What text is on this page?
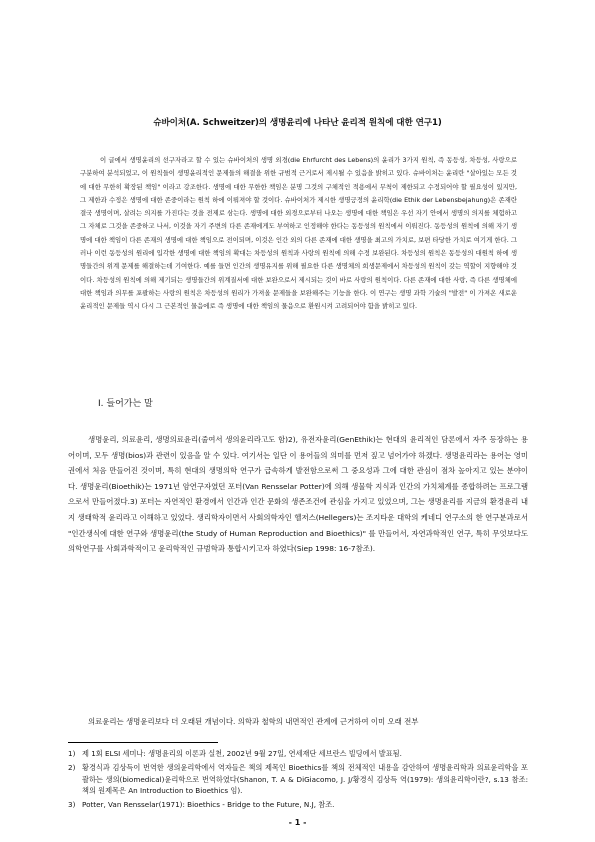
슈바이처(A. Schweitzer)의 생명윤리에 나타난 윤리적 원칙에 대한 연구1)

이 글에서 생명윤리의 선구자라고 할 수 있는 슈바이처의 생명 외경(die Ehrfurcht des Lebens)의 윤리가 3가지 원칙, 즉 동등성, 차등성, 사랑으로 구분하여 분석되었고, 이 원칙들이 생명윤리적인 문제들의 해결을 위한 규범적 근거로서 제시될 수 있음을 밝히고 있다. 슈바이처는 윤리란 "살아있는 모든 것에 대한 무한히 확장된 책임" 이라고 강조한다. 생명에 대한 무한한 책임은 분명 그것의 구체적인 적용에서 무척이 제한되고 수정되어야 할 필요성이 있지만, 그 제한과 수정은 생명에 대한 존중이라는 원칙 하에 이뤄져야 할 것이다. 슈바이처가 제시한 생명긍정의 윤리학(die Ethik der Lebensbejahung)은 존재란 결국 생명이며, 살려는 의지를 가진다는 것을 전제로 삼는다. 생명에 대한 외경으로부터 나오는 생명에 대한 책임은 우선 자기 안에서 생명의 의지를 체험하고 그 자체로 그것을 존중하고 나서, 이것을 자기 주변의 다른 존재에게도 부여하고 인정해야 한다는 동등성의 원칙에서 이뤄진다. 동등성의 원칙에 의해 자기 생명에 대한 책임이 다른 존재의 생명에 대한 책임으로 전이되며, 이것은 인간 외의 다른 존재에 대한 생명을 최고의 가치로, 보편 타당한 가치로 여기게 한다. 그러나 이런 동등성의 원리에 입각한 생명에 대한 책임의 확대는 차등성의 원칙과 사랑의 원칙에 의해 수정 보완된다. 차등성의 원칙은 동등성의 대원칙 하에 생명들간의 위계 문제를 해결하는데 기여한다. 예를 들면 인간의 생명유지를 위해 필요한 다른 생명체의 희생문제에서 차등성의 원칙이 갖는 역할이 지향해야 것이다. 차등성의 원칙에 의해 제기되는 생명들간의 위계질서에 대한 보완으로서 제시되는 것이 바로 사랑의 원칙이다. 다른 존재에 대한 사랑, 즉 다른 생명체에 대한 책임과 의무를 포괄하는 사랑의 원칙은 차등성의 원리가 가져올 문제들을 보완해주는 기능을 한다. 이 연구는 생명 과학 기술의 "발전" 이 가져온 새로운 윤리적인 문제들 역시 다시 그 근본적인 물음에로 즉 생명에 대한 책임의 물음으로 환원시켜 고려되어야 함을 밝히고 있다.

Ⅰ. 들어가는 말

생명윤리, 의료윤리, 생명의료윤리(줄여서 생의윤리라고도 함)2), 유전자윤리(GenEthik)는 현대의 윤리적인 담론에서 자주 등장하는 용어이며, 모두 생명(bios)과 관련이 있음을 알 수 있다. 여기서는 일단 이 용어들의 의미를 먼저 짚고 넘어가야 하겠다. 생명윤리라는 용어는 영미권에서 처음 만들어진 것이며, 특히 현대의 생명의학 연구가 급속하게 발전함으로써 그 중요성과 그에 대한 관심이 점차 높아지고 있는 분야이다. 생명윤리(Bioethik)는 1971년 암연구자였던 포터(Van Rensselar Potter)에 의해 생물학 지식과 인간의 가치체계를 종합하려는 프로그램으로서 만들어졌다.3) 포터는 자연적인 환경에서 인간과 인간 문화의 생존조건에 관심을 가지고 있었으며, 그는 생명윤리를 지금의 환경윤리 내지 생태학적 윤리라고 이해하고 있었다. 생리학자이면서 사회의학자인 헬저스(Hellegers)는 조지타운 대학의 케네디 연구소의 한 연구분과로서 "인간생식에 대한 연구와 생명윤리(the Study of Human Reproduction and Bioethics)" 를 만들어서, 자연과학적인 연구, 특히 무엇보다도 의학연구를 사회과학적이고 윤리학적인 규범학과 통합시키고자 하였다(Siep 1998: 16-7참조).

의료윤리는 생명윤리보다 더 오래된 개념이다. 의학과 철학의 내면적인 관계에 근거하여 이미 오래 전부

1) 제 1회 ELSI 세미나: 생명윤리의 이론과 실천, 2002년 9월 27일, 연세재단 세브란스 빌딩에서 발표됨.
2) 황경식과 김상득이 번역한 생의윤리학에서 역자들은 책의 제목인 Bioethics를 책의 전체적인 내용을 감안하여 생명윤리학과 의료윤리학을 포괄하는 생의(biomedical)윤리학으로 번역하였다(Shanon, T. A & DiGiacomo, J. J/황경식 김상득 역(1979): 생의윤리학이란?, s.13 참조: 책의 원제목은 An Introduction to Bioethics 임).
3) Potter, Van Rensselar(1971): Bioethics - Bridge to the Future, N.J, 참조.
- 1 -
